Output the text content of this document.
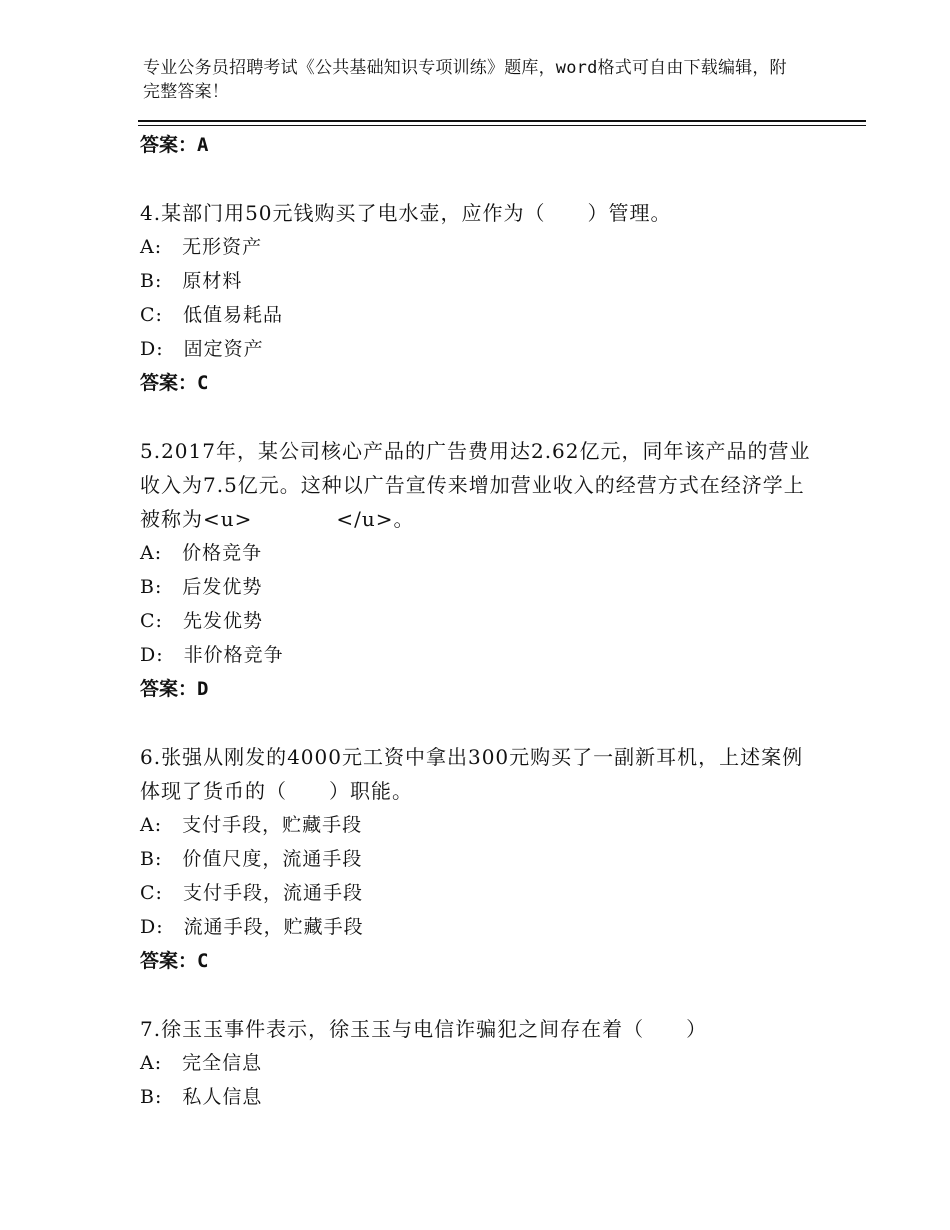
专业公务员招聘考试《公共基础知识专项训练》题库，word格式可自由下载编辑，附完整答案！
答案：A
4.某部门用50元钱购买了电水壶，应作为（　　）管理。
A:　无形资产
B:　原材料
C:　低值易耗品
D:　固定资产
答案：C
5.2017年，某公司核心产品的广告费用达2.62亿元，同年该产品的营业收入为7.5亿元。这种以广告宣传来增加营业收入的经营方式在经济学上被称为<u>　　　　</u>。
A:　价格竞争
B:　后发优势
C:　先发优势
D:　非价格竞争
答案：D
6.张强从刚发的4000元工资中拿出300元购买了一副新耳机，上述案例体现了货币的（　　）职能。
A:　支付手段，贮藏手段
B:　价值尺度，流通手段
C:　支付手段，流通手段
D:　流通手段，贮藏手段
答案：C
7.徐玉玉事件表示，徐玉玉与电信诈骗犯之间存在着（　　）
A:　完全信息
B:　私人信息
